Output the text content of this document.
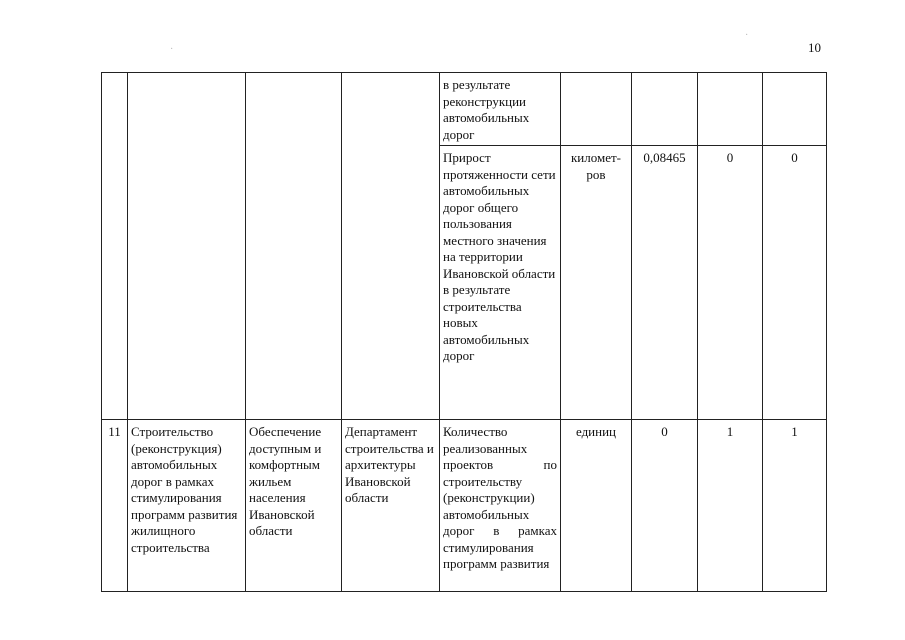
10
·
·
				в результате реконструкции автомобильных дорог				
				Прирост протяженности сети автомобильных дорог общего пользования местного значения на территории Ивановской области в результате строительства новых автомобильных дорог	километ-ров	0,08465	0	0
11	Строительство (реконструкция) автомобильных дорог в рамках стимулирования программ развития жилищного строительства	Обеспечение доступным и комфортным жильем населения Ивановской области	Департамент строительства и архитектуры Ивановской области	Количество реализованных проектов по строительству (реконструкции) автомобильных дорог в рамках стимулирования программ развития	единиц	0	1	1
